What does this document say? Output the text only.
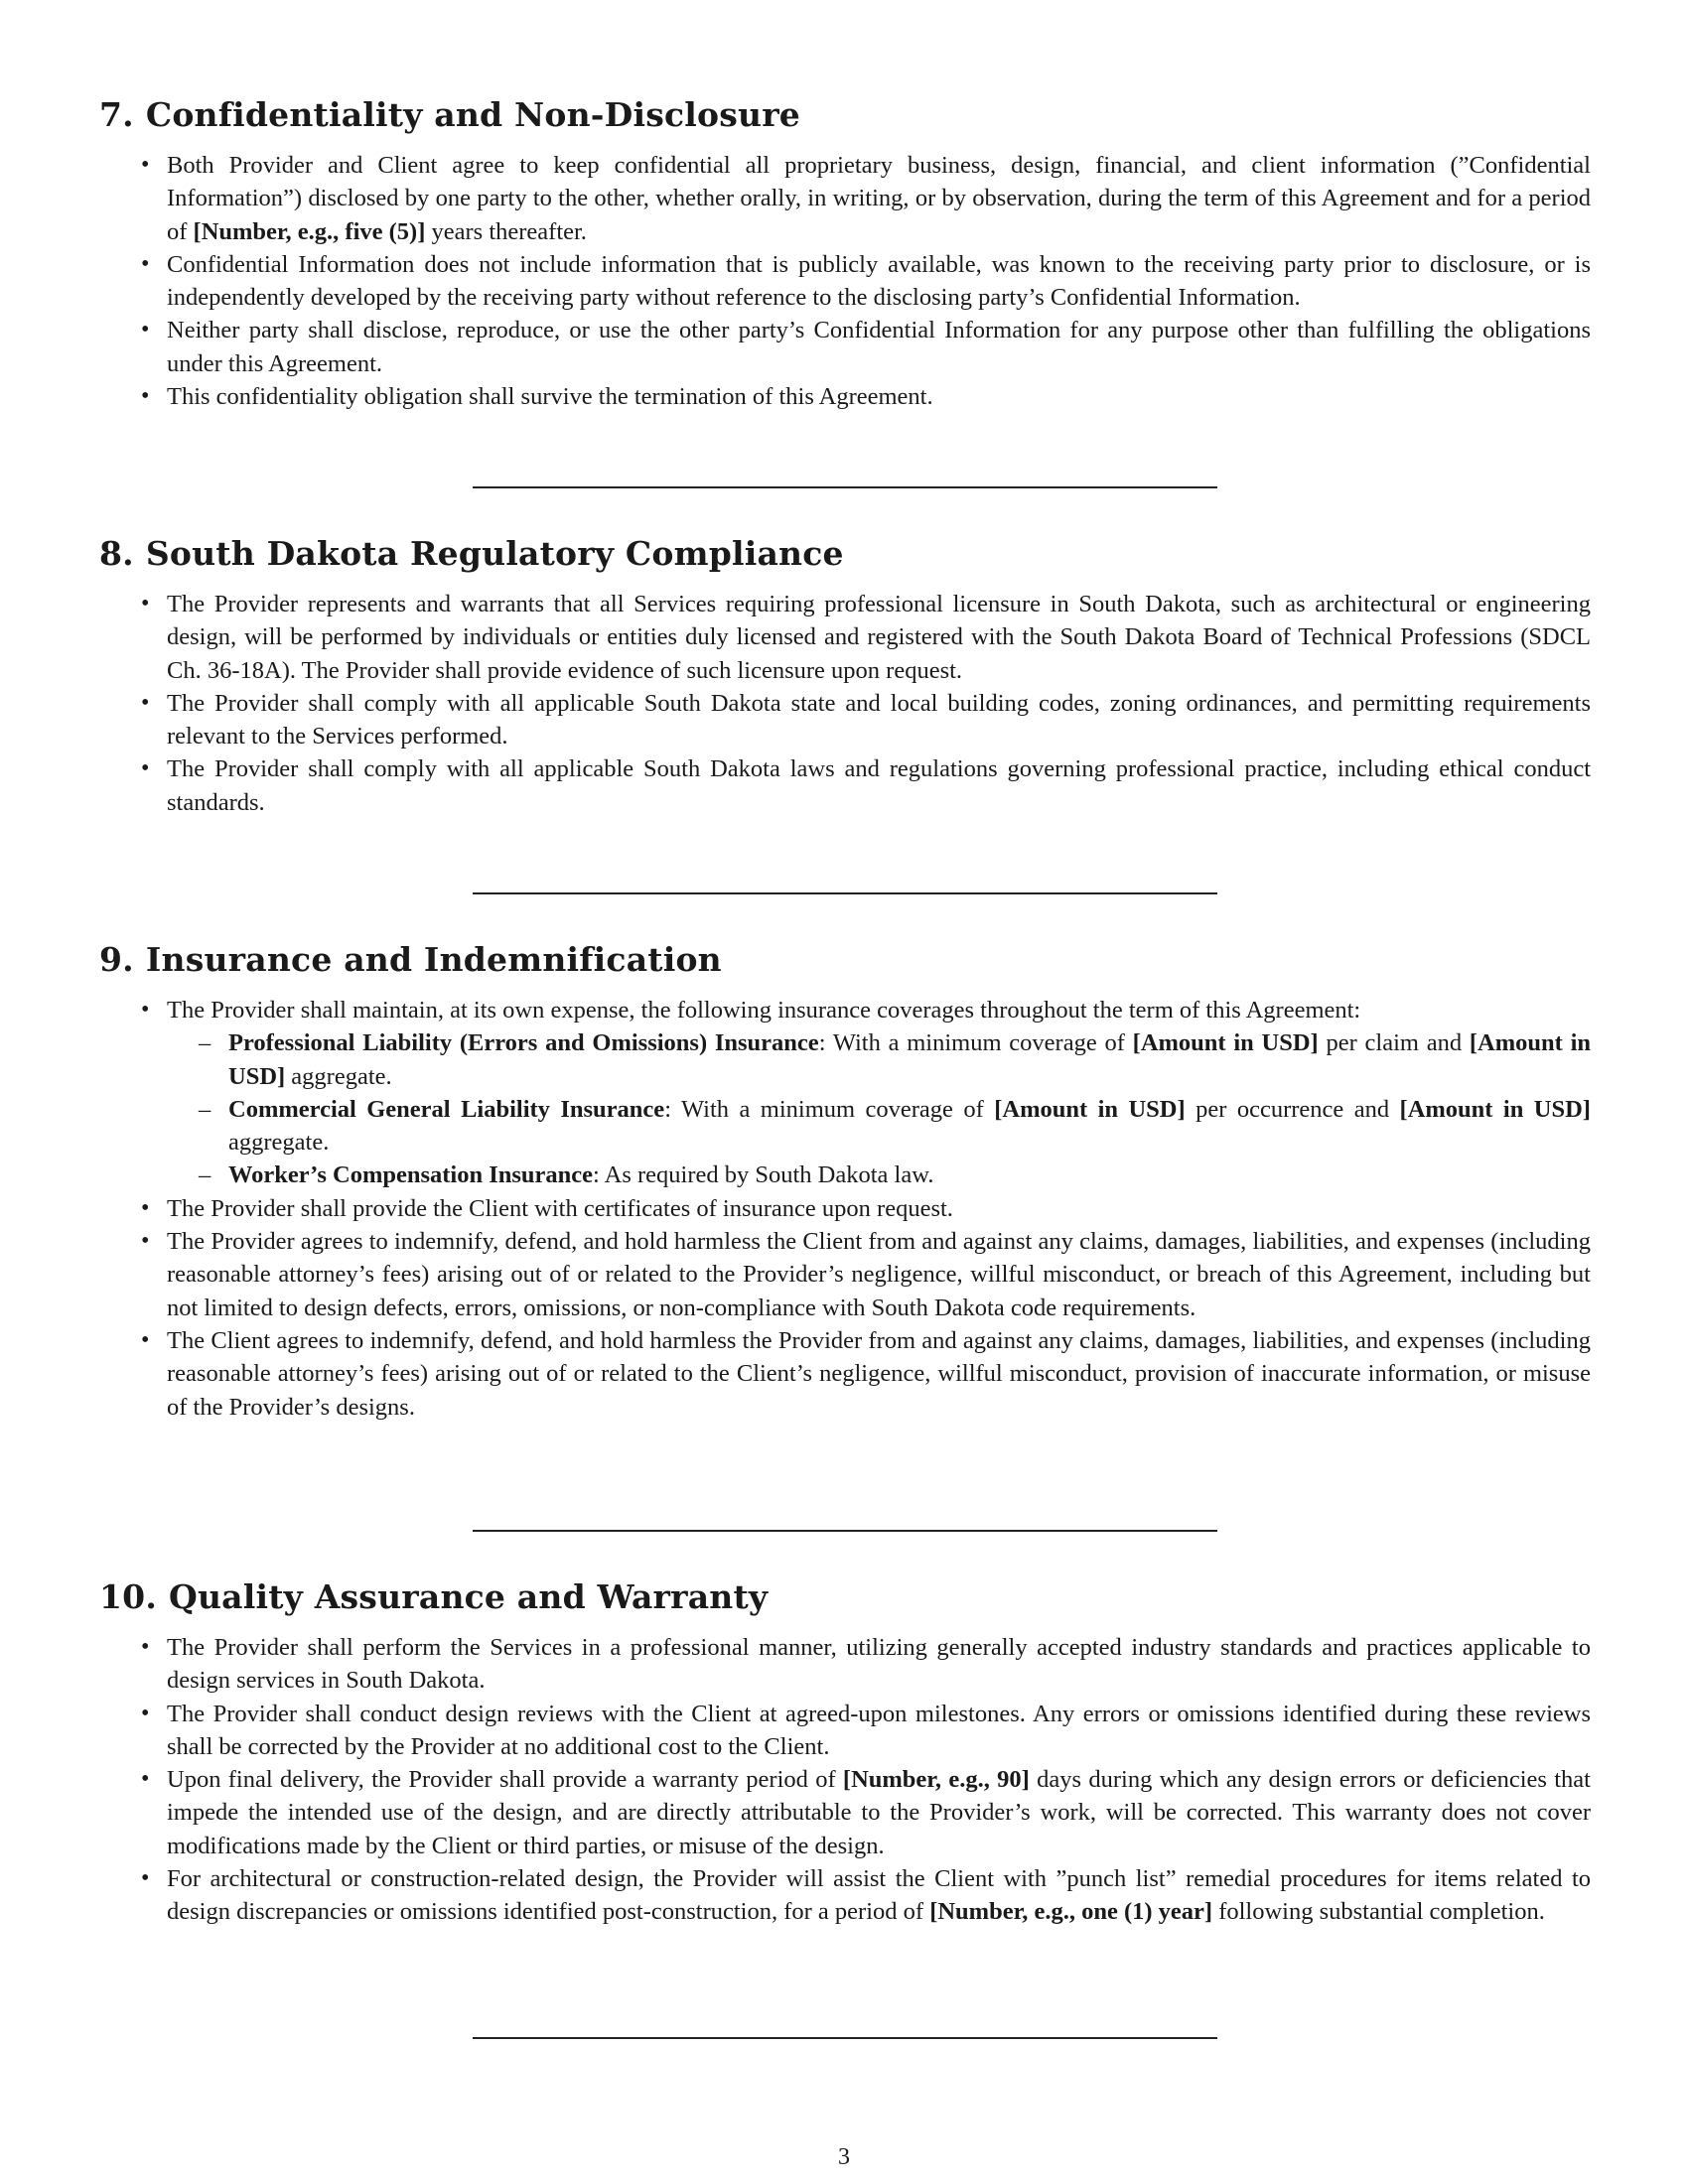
7. Confidentiality and Non-Disclosure
• Both Provider and Client agree to keep confidential all proprietary business, design, financial, and client information (”Confidential Information”) disclosed by one party to the other, whether orally, in writing, or by observation, during the term of this Agreement and for a period of [Number, e.g., five (5)] years thereafter.
• Confidential Information does not include information that is publicly available, was known to the receiving party prior to disclosure, or is independently developed by the receiving party without reference to the disclosing party’s Confidential Information.
• Neither party shall disclose, reproduce, or use the other party’s Confidential Information for any purpose other than fulfilling the obligations under this Agreement.
• This confidentiality obligation shall survive the termination of this Agreement.
8. South Dakota Regulatory Compliance
• The Provider represents and warrants that all Services requiring professional licensure in South Dakota, such as architectural or engineering design, will be performed by individuals or entities duly licensed and registered with the South Dakota Board of Technical Professions (SDCL Ch. 36-18A). The Provider shall provide evidence of such licensure upon request.
• The Provider shall comply with all applicable South Dakota state and local building codes, zoning ordinances, and permitting requirements relevant to the Services performed.
• The Provider shall comply with all applicable South Dakota laws and regulations governing professional practice, including ethical conduct standards.
9. Insurance and Indemnification
• The Provider shall maintain, at its own expense, the following insurance coverages throughout the term of this Agreement:
– Professional Liability (Errors and Omissions) Insurance: With a minimum coverage of [Amount in USD] per claim and [Amount in USD] aggregate.
– Commercial General Liability Insurance: With a minimum coverage of [Amount in USD] per occurrence and [Amount in USD] aggregate.
– Worker’s Compensation Insurance: As required by South Dakota law.
• The Provider shall provide the Client with certificates of insurance upon request.
• The Provider agrees to indemnify, defend, and hold harmless the Client from and against any claims, damages, liabilities, and expenses (including reasonable attorney’s fees) arising out of or related to the Provider’s negligence, willful misconduct, or breach of this Agreement, including but not limited to design defects, errors, omissions, or non-compliance with South Dakota code requirements.
• The Client agrees to indemnify, defend, and hold harmless the Provider from and against any claims, damages, liabilities, and expenses (including reasonable attorney’s fees) arising out of or related to the Client’s negligence, willful misconduct, provision of inaccurate information, or misuse of the Provider’s designs.
10. Quality Assurance and Warranty
• The Provider shall perform the Services in a professional manner, utilizing generally accepted industry standards and practices applicable to design services in South Dakota.
• The Provider shall conduct design reviews with the Client at agreed-upon milestones. Any errors or omissions identified during these reviews shall be corrected by the Provider at no additional cost to the Client.
• Upon final delivery, the Provider shall provide a warranty period of [Number, e.g., 90] days during which any design errors or deficiencies that impede the intended use of the design, and are directly attributable to the Provider’s work, will be corrected. This warranty does not cover modifications made by the Client or third parties, or misuse of the design.
• For architectural or construction-related design, the Provider will assist the Client with ”punch list” remedial procedures for items related to design discrepancies or omissions identified post-construction, for a period of [Number, e.g., one (1) year] following substantial completion.
3
